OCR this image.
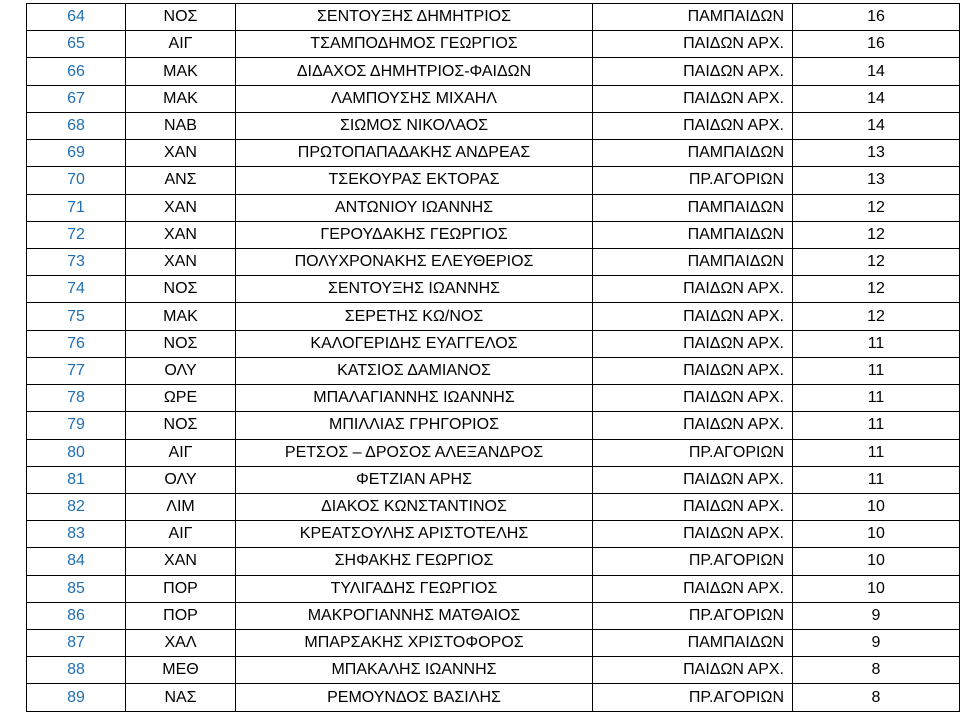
64	ΝΟΣ	ΣΕΝΤΟΥΞΗΣ ΔΗΜΗΤΡΙΟΣ	ΠΑΜΠΑΙΔΩΝ	16
65	ΑΙΓ	ΤΣΑΜΠΟΔΗΜΟΣ ΓΕΩΡΓΙΟΣ	ΠΑΙΔΩΝ ΑΡΧ.	16
66	ΜΑΚ	ΔΙΔΑΧΟΣ ΔΗΜΗΤΡΙΟΣ-ΦΑΙΔΩΝ	ΠΑΙΔΩΝ ΑΡΧ.	14
67	ΜΑΚ	ΛΑΜΠΟΥΣΗΣ ΜΙΧΑΗΛ	ΠΑΙΔΩΝ ΑΡΧ.	14
68	ΝΑΒ	ΣΙΩΜΟΣ ΝΙΚΟΛΑΟΣ	ΠΑΙΔΩΝ ΑΡΧ.	14
69	ΧΑΝ	ΠΡΩΤΟΠΑΠΑΔΑΚΗΣ ΑΝΔΡΕΑΣ	ΠΑΜΠΑΙΔΩΝ	13
70	ΑΝΣ	ΤΣΕΚΟΥΡΑΣ ΕΚΤΟΡΑΣ	ΠΡ.ΑΓΟΡΙΩΝ	13
71	ΧΑΝ	ΑΝΤΩΝΙΟΥ ΙΩΑΝΝΗΣ	ΠΑΜΠΑΙΔΩΝ	12
72	ΧΑΝ	ΓΕΡΟΥΔΑΚΗΣ ΓΕΩΡΓΙΟΣ	ΠΑΜΠΑΙΔΩΝ	12
73	ΧΑΝ	ΠΟΛΥΧΡΟΝΑΚΗΣ ΕΛΕΥΘΕΡΙΟΣ	ΠΑΜΠΑΙΔΩΝ	12
74	ΝΟΣ	ΣΕΝΤΟΥΞΗΣ ΙΩΑΝΝΗΣ	ΠΑΙΔΩΝ ΑΡΧ.	12
75	ΜΑΚ	ΣΕΡΕΤΗΣ ΚΩ/ΝΟΣ	ΠΑΙΔΩΝ ΑΡΧ.	12
76	ΝΟΣ	ΚΑΛΟΓΕΡΙΔΗΣ ΕΥΑΓΓΕΛΟΣ	ΠΑΙΔΩΝ ΑΡΧ.	11
77	ΟΛΥ	ΚΑΤΣΙΟΣ ΔΑΜΙΑΝΟΣ	ΠΑΙΔΩΝ ΑΡΧ.	11
78	ΩΡΕ	ΜΠΑΛΑΓΙΑΝΝΗΣ ΙΩΑΝΝΗΣ	ΠΑΙΔΩΝ ΑΡΧ.	11
79	ΝΟΣ	ΜΠΙΛΛΙΑΣ ΓΡΗΓΟΡΙΟΣ	ΠΑΙΔΩΝ ΑΡΧ.	11
80	ΑΙΓ	ΡΕΤΣΟΣ – ΔΡΟΣΟΣ ΑΛΕΞΑΝΔΡΟΣ	ΠΡ.ΑΓΟΡΙΩΝ	11
81	ΟΛΥ	ΦΕΤΖΙΑΝ ΑΡΗΣ	ΠΑΙΔΩΝ ΑΡΧ.	11
82	ΛΙΜ	ΔΙΑΚΟΣ ΚΩΝΣΤΑΝΤΙΝΟΣ	ΠΑΙΔΩΝ ΑΡΧ.	10
83	ΑΙΓ	ΚΡΕΑΤΣΟΥΛΗΣ ΑΡΙΣΤΟΤΕΛΗΣ	ΠΑΙΔΩΝ ΑΡΧ.	10
84	ΧΑΝ	ΣΗΦΑΚΗΣ ΓΕΩΡΓΙΟΣ	ΠΡ.ΑΓΟΡΙΩΝ	10
85	ΠΟΡ	ΤΥΛΙΓΑΔΗΣ ΓΕΩΡΓΙΟΣ	ΠΑΙΔΩΝ ΑΡΧ.	10
86	ΠΟΡ	ΜΑΚΡΟΓΙΑΝΝΗΣ ΜΑΤΘΑΙΟΣ	ΠΡ.ΑΓΟΡΙΩΝ	9
87	ΧΑΛ	ΜΠΑΡΣΑΚΗΣ ΧΡΙΣΤΟΦΟΡΟΣ	ΠΑΜΠΑΙΔΩΝ	9
88	ΜΕΘ	ΜΠΑΚΑΛΗΣ ΙΩΑΝΝΗΣ	ΠΑΙΔΩΝ ΑΡΧ.	8
89	ΝΑΣ	ΡΕΜΟΥΝΔΟΣ ΒΑΣΙΛΗΣ	ΠΡ.ΑΓΟΡΙΩΝ	8
